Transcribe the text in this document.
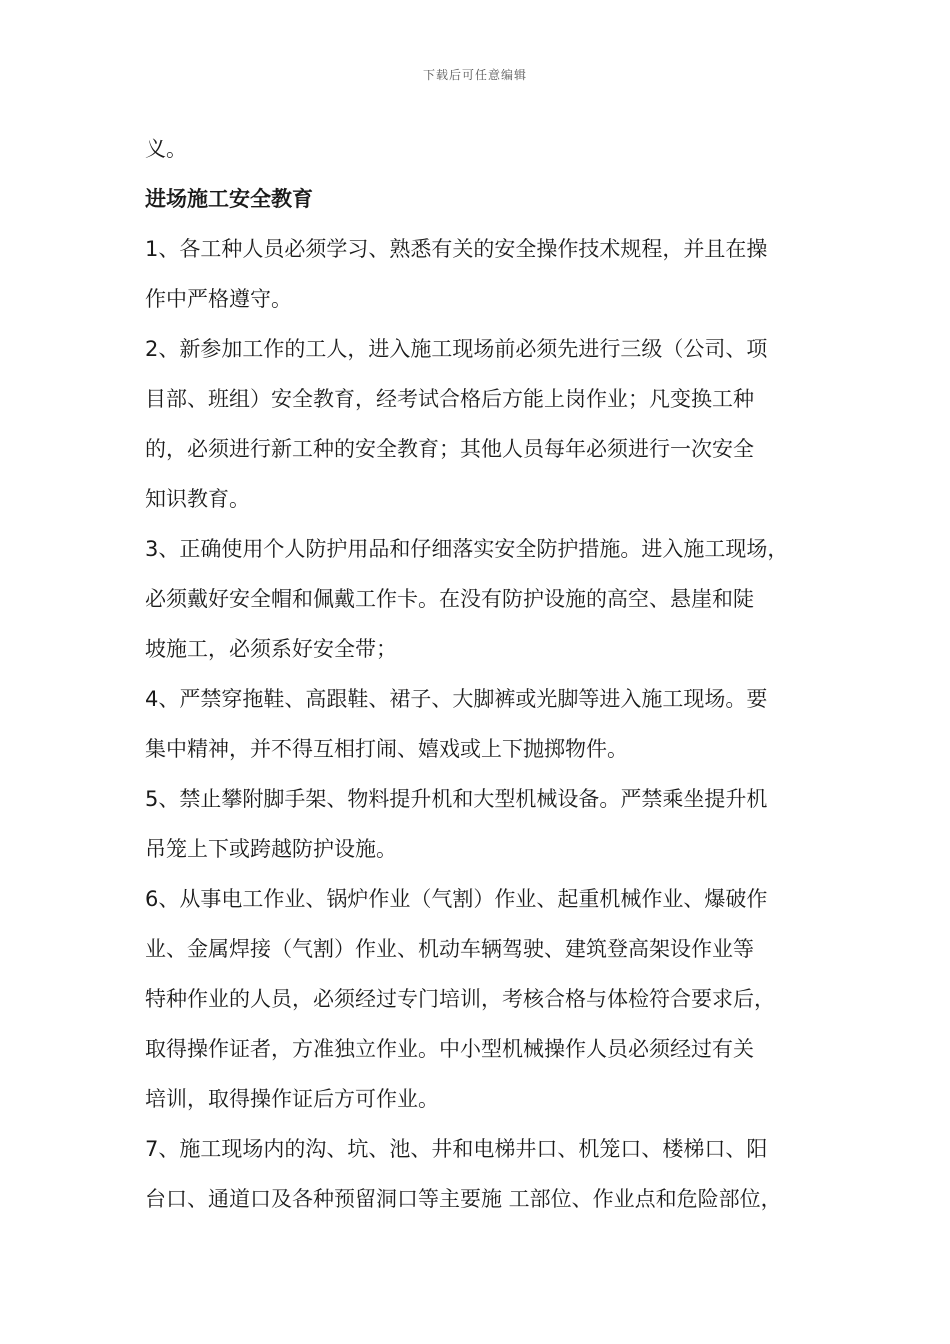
下载后可任意编辑
义。
进场施工安全教育
1、各工种人员必须学习、熟悉有关的安全操作技术规程，并且在操
作中严格遵守。
2、新参加工作的工人，进入施工现场前必须先进行三级（公司、项
目部、班组）安全教育，经考试合格后方能上岗作业；凡变换工种
的，必须进行新工种的安全教育；其他人员每年必须进行一次安全
知识教育。
3、正确使用个人防护用品和仔细落实安全防护措施。进入施工现场，
必须戴好安全帽和佩戴工作卡。在没有防护设施的高空、悬崖和陡
坡施工，必须系好安全带；
4、严禁穿拖鞋、高跟鞋、裙子、大脚裤或光脚等进入施工现场。要
集中精神，并不得互相打闹、嬉戏或上下抛掷物件。
5、禁止攀附脚手架、物料提升机和大型机械设备。严禁乘坐提升机
吊笼上下或跨越防护设施。
6、从事电工作业、锅炉作业（气割）作业、起重机械作业、爆破作
业、金属焊接（气割）作业、机动车辆驾驶、建筑登高架设作业等
特种作业的人员，必须经过专门培训，考核合格与体检符合要求后，
取得操作证者，方准独立作业。中小型机械操作人员必须经过有关
培训，取得操作证后方可作业。
7、施工现场内的沟、坑、池、井和电梯井口、机笼口、楼梯口、阳
台口、通道口及各种预留洞口等主要施 工部位、作业点和危险部位，
